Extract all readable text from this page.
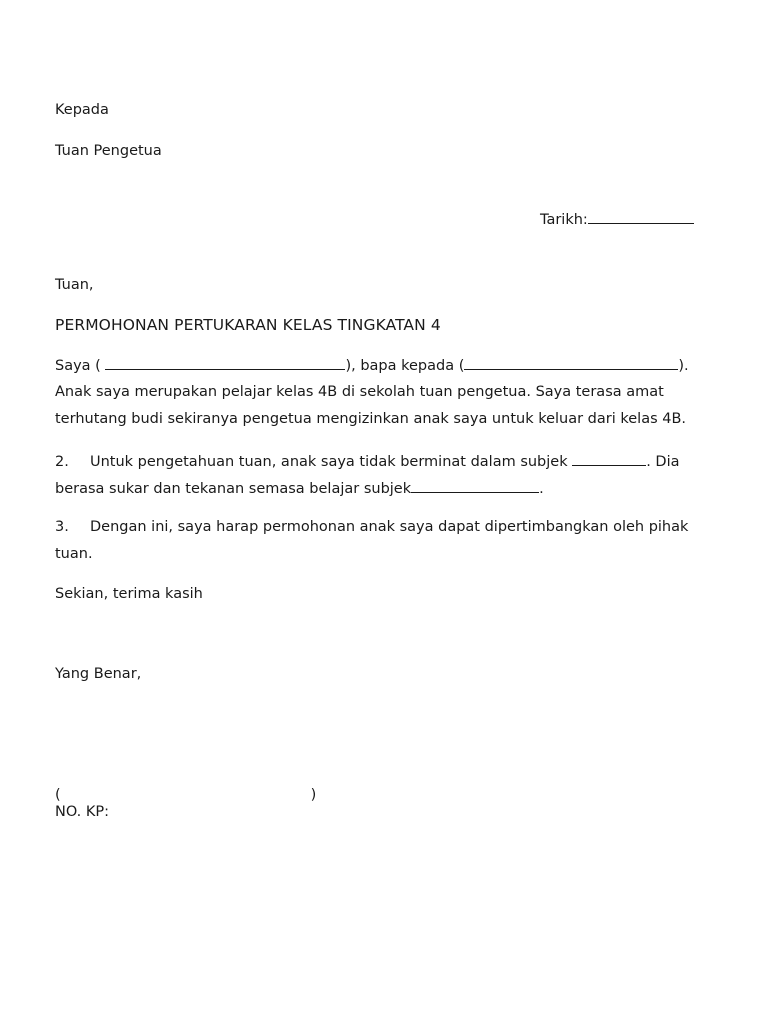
Kepada
Tuan Pengetua
Tarikh:
Tuan,
PERMOHONAN PERTUKARAN KELAS TINGKATAN 4
Saya (	), bapa kepada (	).
Anak saya merupakan pelajar kelas 4B di sekolah tuan pengetua. Saya terasa amat
terhutang budi sekiranya pengetua mengizinkan anak saya untuk keluar dari kelas 4B.
2. Untuk pengetahuan tuan, anak saya tidak berminat dalam subjek	. Dia
berasa sukar dan tekanan semasa belajar subjek	.
3. Dengan ini, saya harap permohonan anak saya dapat dipertimbangkan oleh pihak
tuan.
Sekian, terima kasih
Yang Benar,
(	)
NO. KP:
